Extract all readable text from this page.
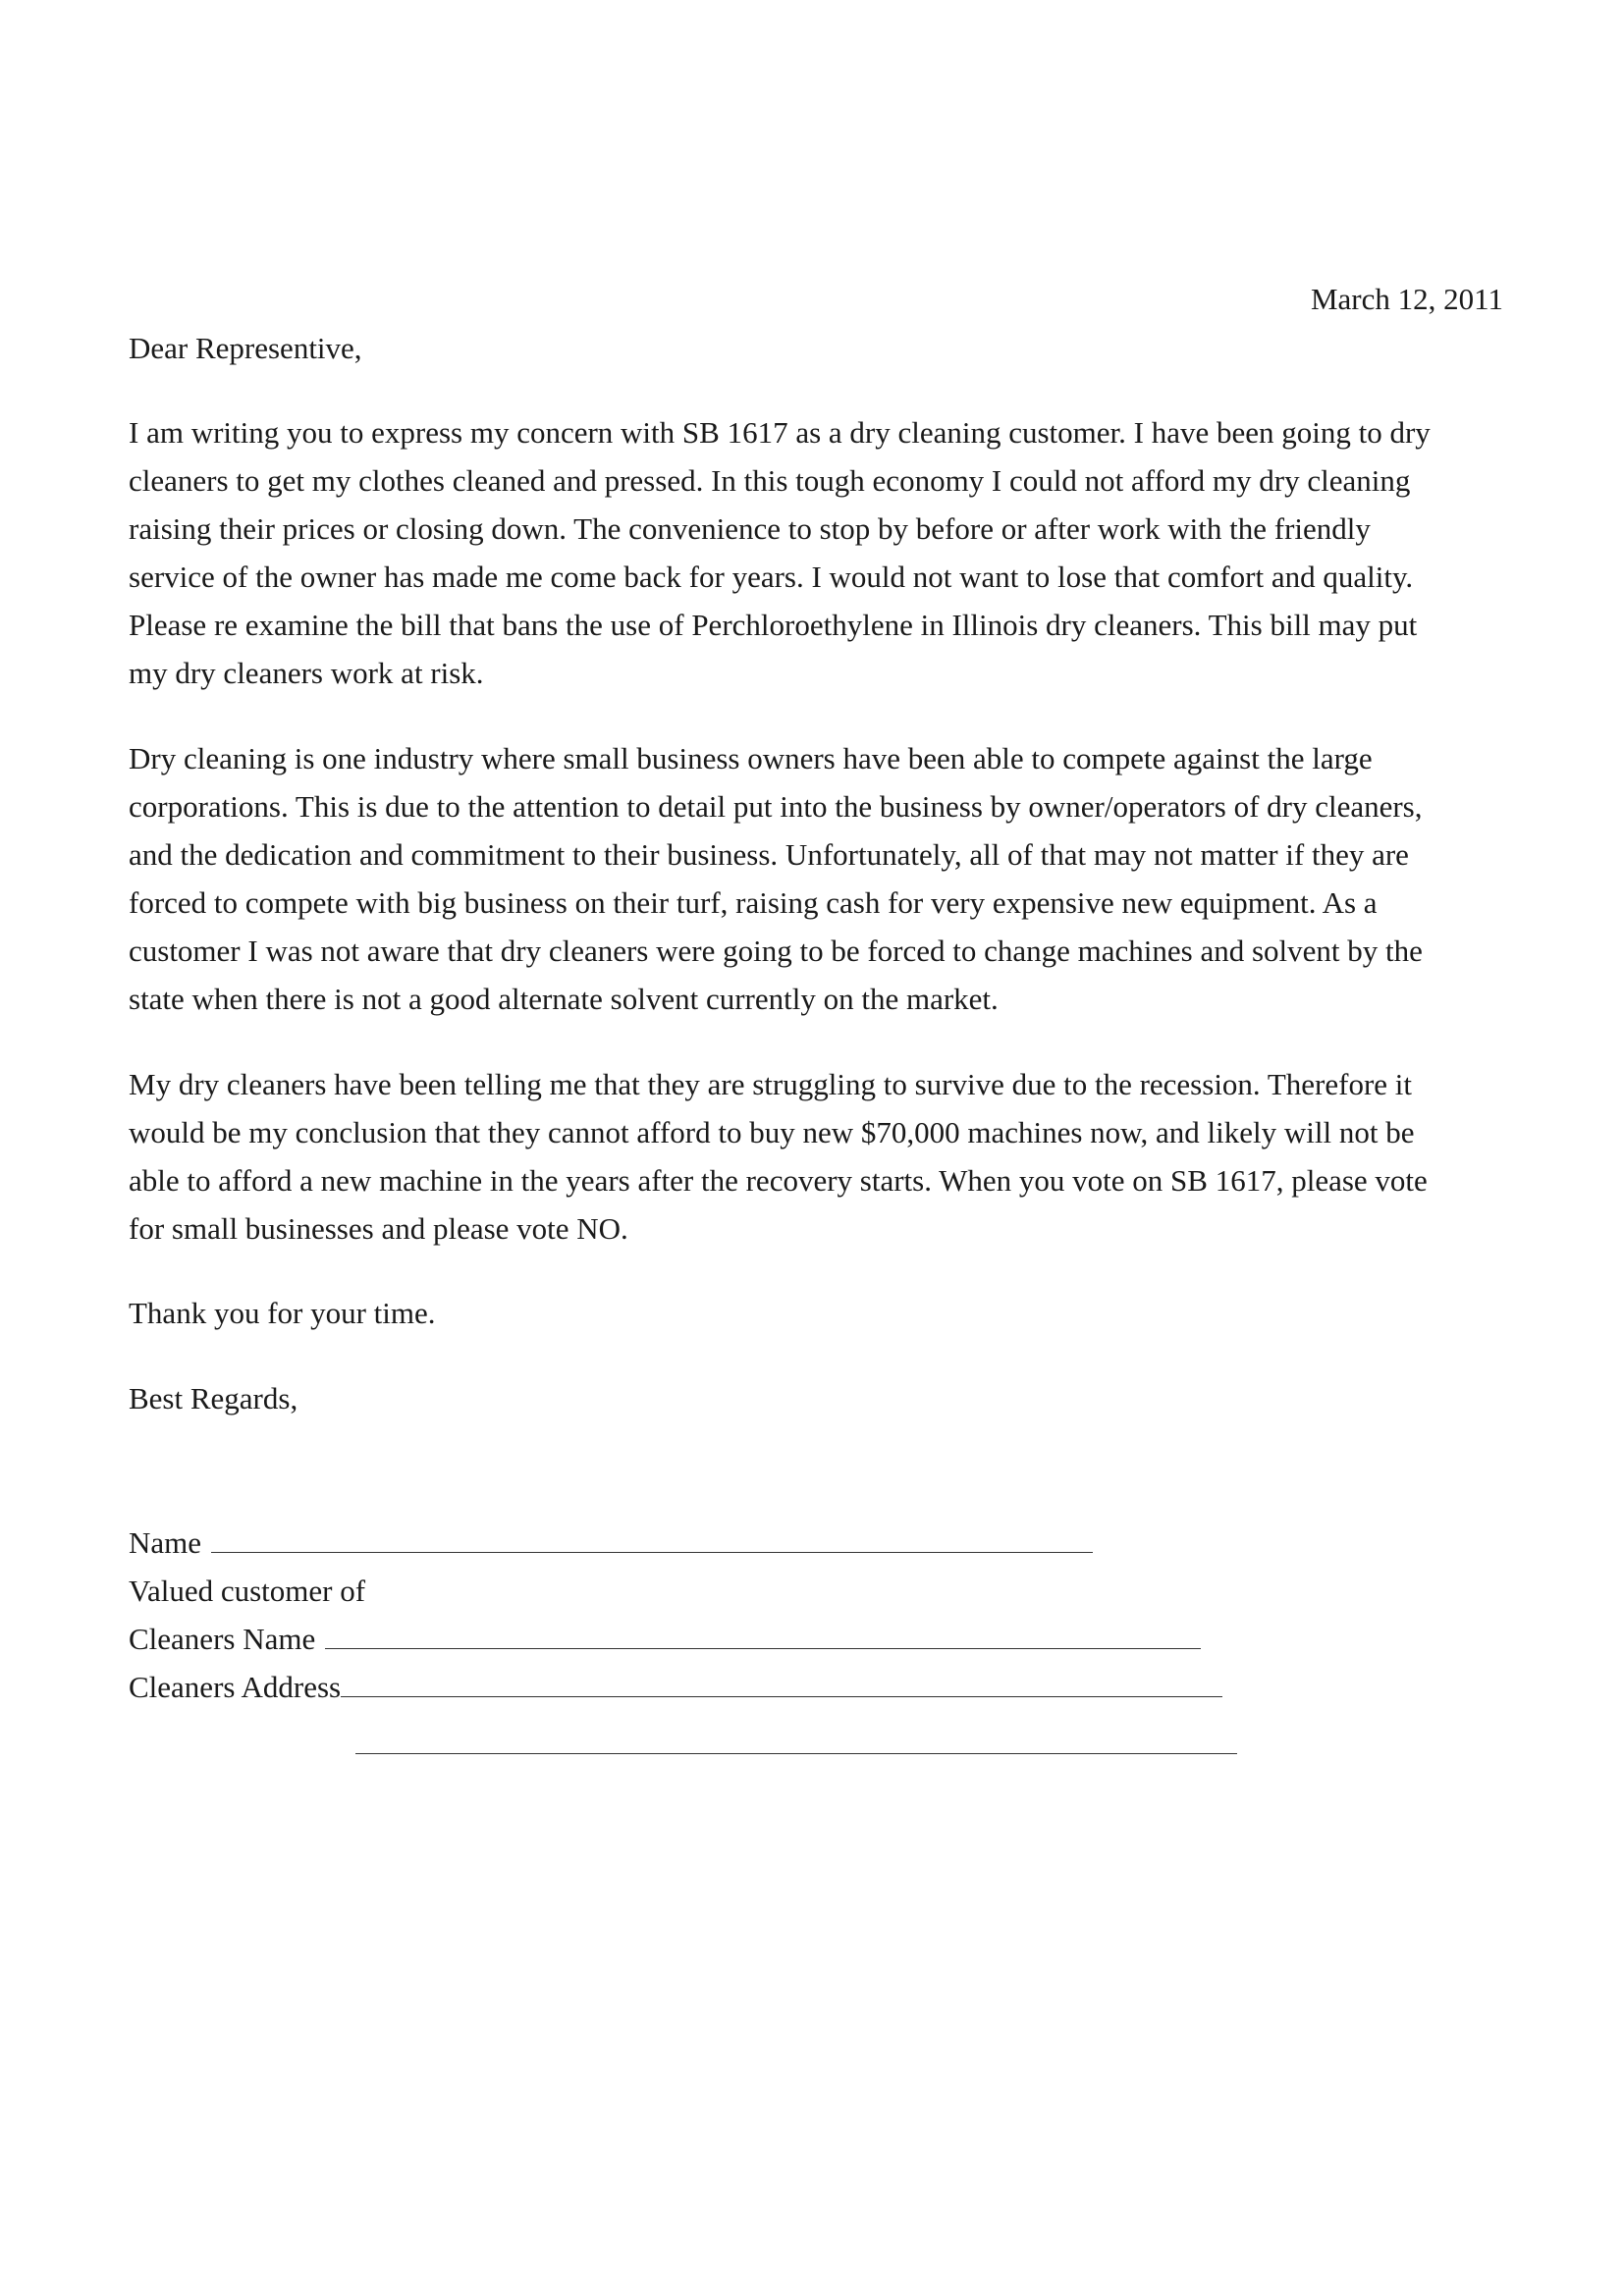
March 12, 2011
Dear Representive,
I am writing you to express my concern with SB 1617 as a dry cleaning customer. I have been going to dry
cleaners to get my clothes cleaned and pressed. In this tough economy I could not afford my dry cleaning
raising their prices or closing down. The convenience to stop by before or after work with the friendly
service of the owner has made me come back for years. I would not want to lose that comfort and quality.
Please re examine the bill that bans the use of Perchloroethylene in Illinois dry cleaners. This bill may put
my dry cleaners work at risk.
Dry cleaning is one industry where small business owners have been able to compete against the large
corporations. This is due to the attention to detail put into the business by owner/operators of dry cleaners,
and the dedication and commitment to their business. Unfortunately, all of that may not matter if they are
forced to compete with big business on their turf, raising cash for very expensive new equipment. As a
customer I was not aware that dry cleaners were going to be forced to change machines and solvent by the
state when there is not a good alternate solvent currently on the market.
My dry cleaners have been telling me that they are struggling to survive due to the recession. Therefore it
would be my conclusion that they cannot afford to buy new $70,000 machines now, and likely will not be
able to afford a new machine in the years after the recovery starts. When you vote on SB 1617, please vote
for small businesses and please vote NO.
Thank you for your time.
Best Regards,
Name
Valued customer of
Cleaners Name
Cleaners Address
